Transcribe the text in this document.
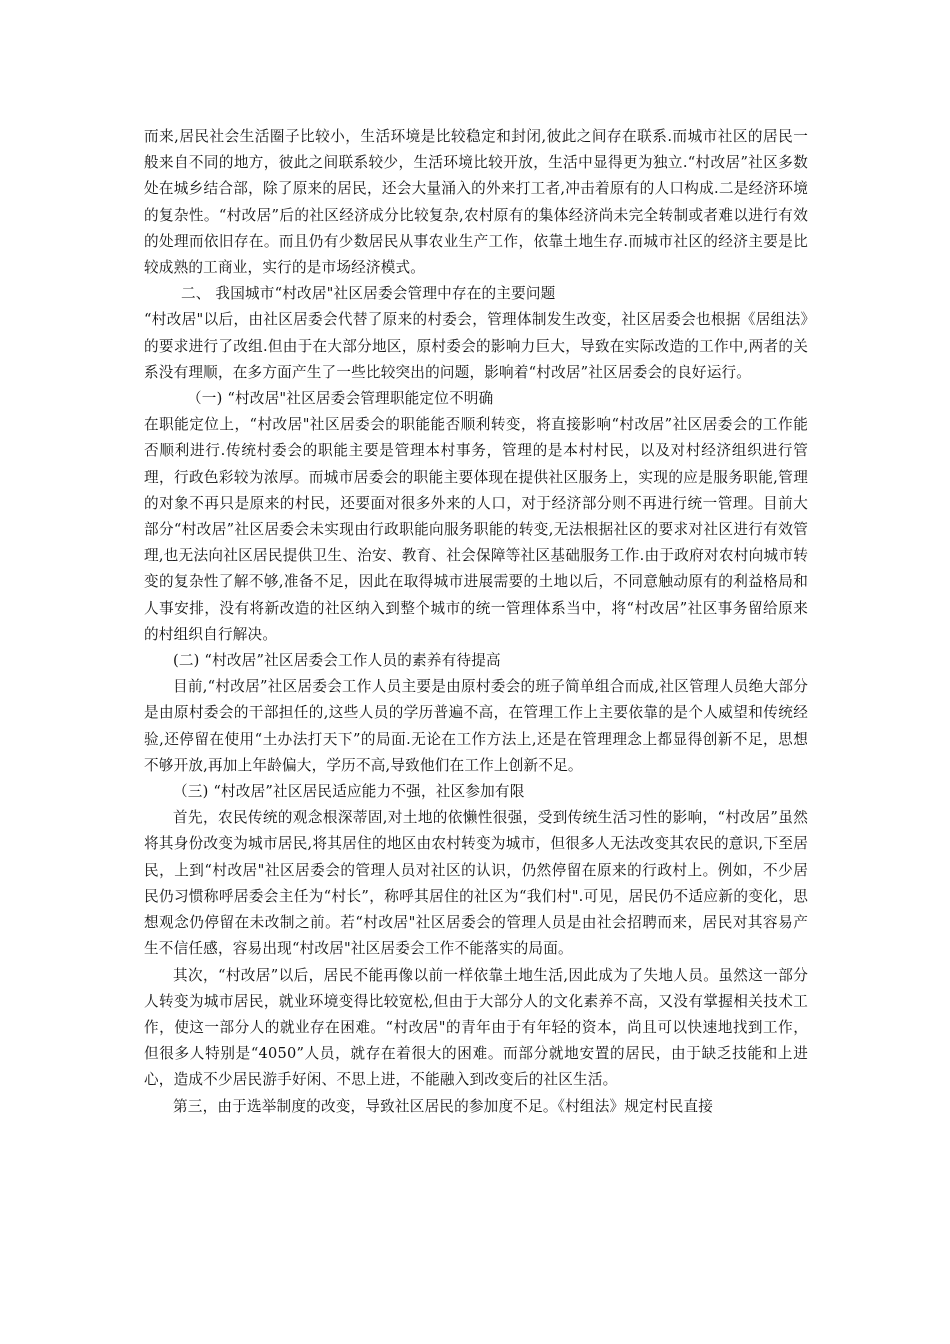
而来,居民社会生活圈子比较小，生活环境是比较稳定和封闭,彼此之间存在联系.而城市社区的居民一般来自不同的地方，彼此之间联系较少，生活环境比较开放，生活中显得更为独立.“村改居”社区多数处在城乡结合部，除了原来的居民，还会大量涌入的外来打工者,冲击着原有的人口构成.二是经济环境的复杂性。“村改居”后的社区经济成分比较复杂,农村原有的集体经济尚未完全转制或者难以进行有效的处理而依旧存在。而且仍有少数居民从事农业生产工作，依靠土地生存.而城市社区的经济主要是比较成熟的工商业，实行的是市场经济模式。

二、 我国城市“村改居"社区居委会管理中存在的主要问题

“村改居"以后，由社区居委会代替了原来的村委会，管理体制发生改变，社区居委会也根据《居组法》的要求进行了改组.但由于在大部分地区，原村委会的影响力巨大，导致在实际改造的工作中,两者的关系没有理顺，在多方面产生了一些比较突出的问题，影响着“村改居”社区居委会的良好运行。

（一) “村改居"社区居委会管理职能定位不明确

在职能定位上，“村改居"社区居委会的职能能否顺利转变，将直接影响“村改居”社区居委会的工作能否顺利进行.传统村委会的职能主要是管理本村事务，管理的是本村村民，以及对村经济组织进行管理，行政色彩较为浓厚。而城市居委会的职能主要体现在提供社区服务上，实现的应是服务职能,管理的对象不再只是原来的村民，还要面对很多外来的人口，对于经济部分则不再进行统一管理。目前大部分“村改居”社区居委会未实现由行政职能向服务职能的转变,无法根据社区的要求对社区进行有效管理,也无法向社区居民提供卫生、治安、教育、社会保障等社区基础服务工作.由于政府对农村向城市转变的复杂性了解不够,准备不足，因此在取得城市进展需要的土地以后，不同意触动原有的利益格局和人事安排，没有将新改造的社区纳入到整个城市的统一管理体系当中，将“村改居”社区事务留给原来的村组织自行解决。

(二) “村改居”社区居委会工作人员的素养有待提高

目前,“村改居”社区居委会工作人员主要是由原村委会的班子简单组合而成,社区管理人员绝大部分是由原村委会的干部担任的,这些人员的学历普遍不高，在管理工作上主要依靠的是个人威望和传统经验,还停留在使用“土办法打天下”的局面.无论在工作方法上,还是在管理理念上都显得创新不足，思想不够开放,再加上年龄偏大，学历不高,导致他们在工作上创新不足。

（三) “村改居”社区居民适应能力不强，社区参加有限

首先，农民传统的观念根深蒂固,对土地的依懒性很强，受到传统生活习性的影响，“村改居”虽然将其身份改变为城市居民,将其居住的地区由农村转变为城市，但很多人无法改变其农民的意识,下至居民，上到“村改居"社区居委会的管理人员对社区的认识，仍然停留在原来的行政村上。例如，不少居民仍习惯称呼居委会主任为“村长”，称呼其居住的社区为“我们村".可见，居民仍不适应新的变化，思想观念仍停留在未改制之前。若“村改居"社区居委会的管理人员是由社会招聘而来，居民对其容易产生不信任感，容易出现“村改居"社区居委会工作不能落实的局面。

其次，“村改居”以后，居民不能再像以前一样依靠土地生活,因此成为了失地人员。虽然这一部分人转变为城市居民，就业环境变得比较宽松,但由于大部分人的文化素养不高，又没有掌握相关技术工作，使这一部分人的就业存在困难。“村改居"的青年由于有年轻的资本，尚且可以快速地找到工作，但很多人特别是“4050”人员，就存在着很大的困难。而部分就地安置的居民，由于缺乏技能和上进心，造成不少居民游手好闲、不思上进，不能融入到改变后的社区生活。

第三，由于选举制度的改变，导致社区居民的参加度不足。《村组法》规定村民直接
